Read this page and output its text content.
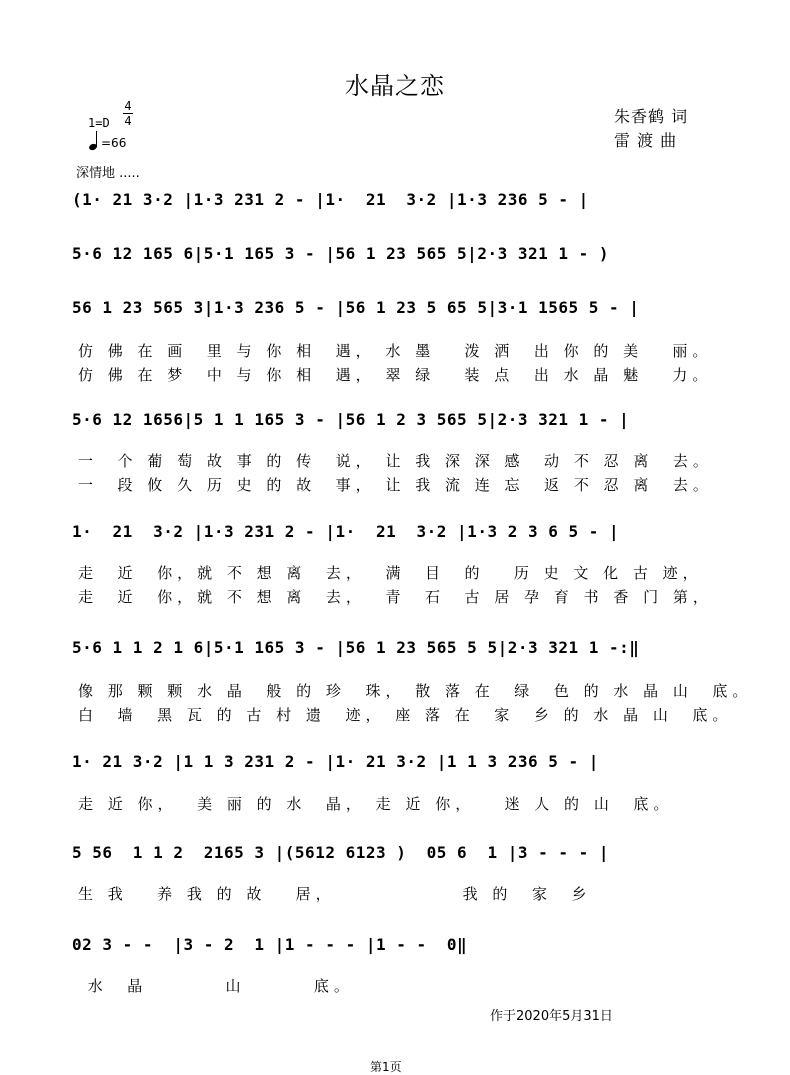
水晶之恋
1=D
4
4
=66
深情地 .....
朱香鹤 词
雷 渡 曲
(1· 21 3·2 |1·3 231 2 - |1·  21  3·2 |1·3 236 5 - |
5·6 12 165 6|5·1 165 3 - |56 1 23 565 5|2·3 321 1 - )
56 1 23 565 3|1·3 236 5 - |56 1 23 5 65 5|3·1 1565 5 - |
仿 佛 在 画  里 与 你 相  遇， 水 墨   泼 洒  出 你 的 美   丽。
仿 佛 在 梦  中 与 你 相  遇， 翠 绿   装 点  出 水 晶 魅   力。
5·6 12 1656|5 1 1 165 3 - |56 1 2 3 565 5|2·3 321 1 - |
一  个 葡 萄 故 事 的 传  说， 让 我 深 深 感  动 不 忍 离  去。
一  段 攸 久 历 史 的 故  事， 让 我 流 连 忘  返 不 忍 离  去。
1·  21  3·2 |1·3 231 2 - |1·  21  3·2 |1·3 2 3 6 5 - |
走  近  你，就 不 想 离  去，  满  目  的   历 史 文 化 古 迹，
走  近  你，就 不 想 离  去，  青  石  古 居 孕 育 书 香 门 第，
5·6 1 1 2 1 6|5·1 165 3 - |56 1 23 565 5 5|2·3 321 1 -:‖
像 那 颗 颗 水 晶  般 的 珍  珠， 散 落 在  绿  色 的 水 晶 山  底。
白  墙  黑 瓦 的 古 村 遗  迹， 座 落 在  家  乡 的 水 晶 山  底。
1· 21 3·2 |1 1 3 231 2 - |1· 21 3·2 |1 1 3 236 5 - |
走 近 你，  美 丽 的 水  晶， 走 近 你，   迷 人 的 山  底。
5 56  1 1 2  2165 3 |(5612 6123 )  05 6  1 |3 - - - |
生 我   养 我 的 故   居，             我 的  家  乡
02 3 - -  |3 - 2  1 |1 - - - |1 - -  0‖
水  晶        山       底。
作于2020年5月31日
第1页
